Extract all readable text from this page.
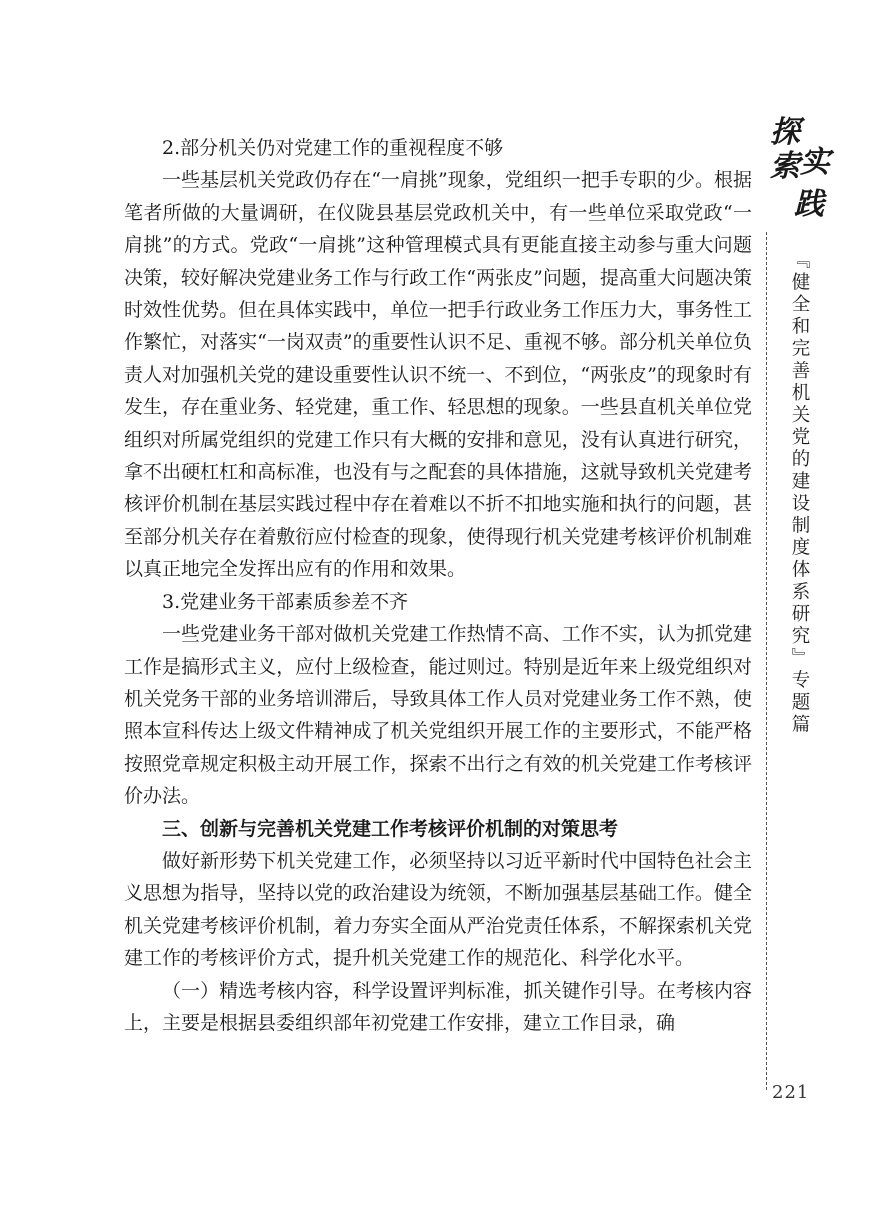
2.部分机关仍对党建工作的重视程度不够

一些基层机关党政仍存在“一肩挑”现象，党组织一把手专职的少。根据笔者所做的大量调研，在仪陇县基层党政机关中，有一些单位采取党政“一肩挑”的方式。党政“一肩挑”这种管理模式具有更能直接主动参与重大问题决策，较好解决党建业务工作与行政工作“两张皮”问题，提高重大问题决策时效性优势。但在具体实践中，单位一把手行政业务工作压力大，事务性工作繁忙，对落实“一岗双责”的重要性认识不足、重视不够。部分机关单位负责人对加强机关党的建设重要性认识不统一、不到位，“两张皮”的现象时有发生，存在重业务、轻党建，重工作、轻思想的现象。一些县直机关单位党组织对所属党组织的党建工作只有大概的安排和意见，没有认真进行研究，拿不出硬杠杠和高标准，也没有与之配套的具体措施，这就导致机关党建考核评价机制在基层实践过程中存在着难以不折不扣地实施和执行的问题，甚至部分机关存在着敷衍应付检查的现象，使得现行机关党建考核评价机制难以真正地完全发挥出应有的作用和效果。

3.党建业务干部素质参差不齐

一些党建业务干部对做机关党建工作热情不高、工作不实，认为抓党建工作是搞形式主义，应付上级检查，能过则过。特别是近年来上级党组织对机关党务干部的业务培训滞后，导致具体工作人员对党建业务工作不熟，使照本宣科传达上级文件精神成了机关党组织开展工作的主要形式，不能严格按照党章规定积极主动开展工作，探索不出行之有效的机关党建工作考核评价办法。

三、创新与完善机关党建工作考核评价机制的对策思考

做好新形势下机关党建工作，必须坚持以习近平新时代中国特色社会主义思想为指导，坚持以党的政治建设为统领，不断加强基层基础工作。健全机关党建考核评价机制，着力夯实全面从严治党责任体系，不解探索机关党建工作的考核评价方式，提升机关党建工作的规范化、科学化水平。

（一）精选考核内容，科学设置评判标准，抓关键作引导。在考核内容上，主要是根据县委组织部年初党建工作安排，建立工作目录，确

探
索 实
践
『健全和完善机关党的建设制度体系研究』专题篇
221
